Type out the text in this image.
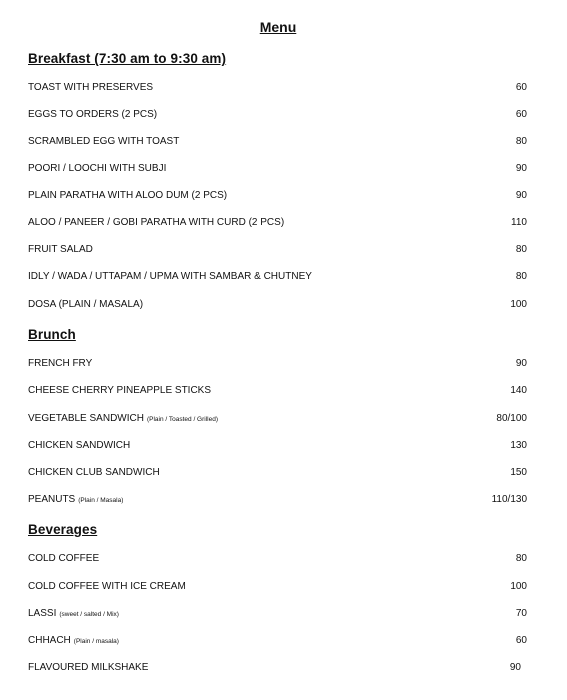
Menu
Breakfast (7:30 am to 9:30 am)
TOAST WITH PRESERVES	60
EGGS TO ORDERS (2 PCS)	60
SCRAMBLED EGG WITH TOAST	80
POORI / LOOCHI WITH SUBJI	90
PLAIN PARATHA WITH ALOO DUM (2 PCS)	90
ALOO / PANEER / GOBI PARATHA WITH CURD (2 PCS)	110
FRUIT SALAD	80
IDLY / WADA / UTTAPAM / UPMA WITH SAMBAR & CHUTNEY	80
DOSA (PLAIN / MASALA)	100
Brunch
FRENCH FRY	90
CHEESE CHERRY PINEAPPLE STICKS	140
VEGETABLE SANDWICH (Plain / Toasted / Grilled)	80/100
CHICKEN SANDWICH	130
CHICKEN CLUB SANDWICH	150
PEANUTS (Plain / Masala)	110/130
Beverages
COLD COFFEE	80
COLD COFFEE WITH ICE CREAM	100
LASSI (sweet / salted / Mix)	70
CHHACH (Plain / masala)	60
FLAVOURED MILKSHAKE	90
